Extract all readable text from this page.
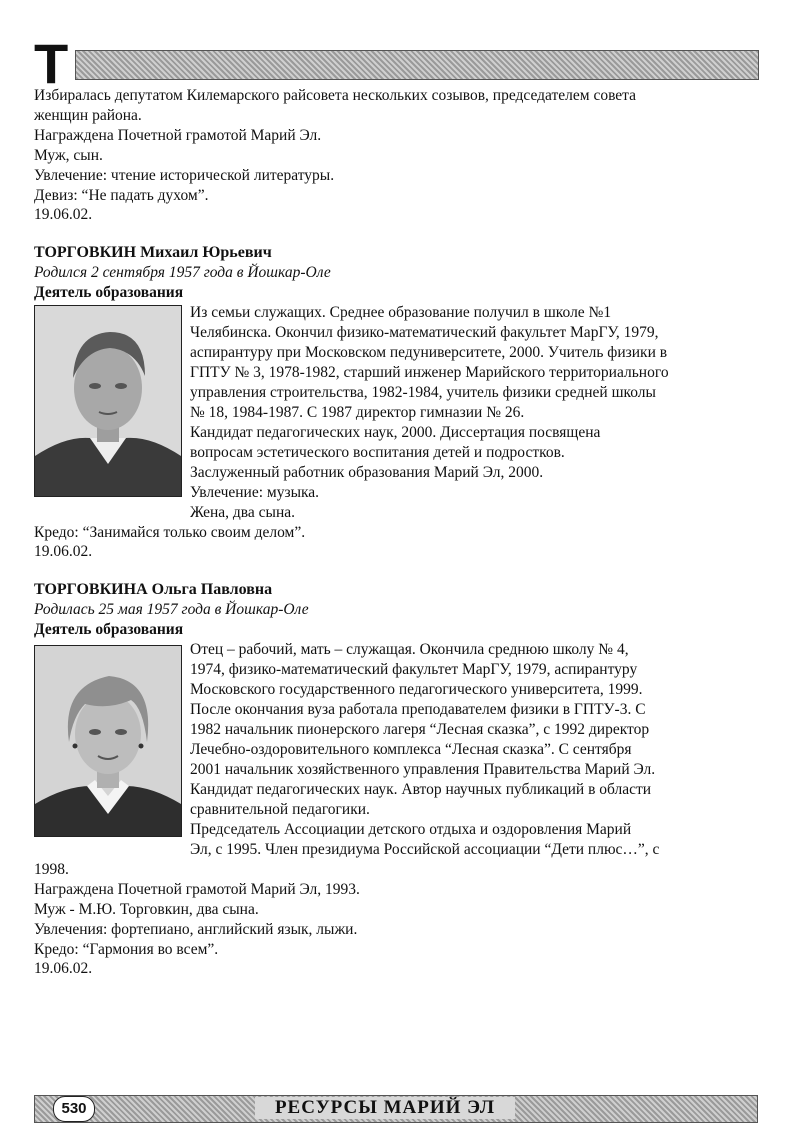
Т
Избиралась депутатом Килемарского райсовета нескольких созывов, председателем совета
женщин района.
Награждена Почетной грамотой Марий Эл.
Муж, сын.
Увлечение: чтение исторической литературы.
Девиз: “Не падать духом”.
19.06.02.
ТОРГОВКИН Михаил Юрьевич
Родился 2 сентября 1957 года в Йошкар-Оле
Деятель образования
Из семьи служащих. Среднее образование получил в школе №1
Челябинска. Окончил физико-математический факультет МарГУ, 1979,
аспирантуру при Московском педуниверситете, 2000. Учитель физики в
ГПТУ № 3, 1978-1982, старший инженер Марийского территориального
управления строительства, 1982-1984, учитель физики средней школы
№ 18, 1984-1987. С 1987 директор гимназии № 26.
Кандидат педагогических наук, 2000. Диссертация посвящена
вопросам эстетического воспитания детей и подростков.
Заслуженный работник образования Марий Эл, 2000.
Увлечение: музыка.
Жена, два сына.
Кредо: “Занимайся только своим делом”.
19.06.02.
ТОРГОВКИНА Ольга Павловна
Родилась 25 мая 1957 года в Йошкар-Оле
Деятель образования
Отец – рабочий, мать – служащая. Окончила среднюю школу № 4,
1974, физико-математический факультет МарГУ, 1979, аспирантуру
Московского государственного педагогического университета, 1999.
После окончания вуза работала преподавателем физики в ГПТУ-3. С
1982 начальник пионерского лагеря “Лесная сказка”, с 1992 директор
Лечебно-оздоровительного комплекса “Лесная сказка”. С сентября
2001 начальник хозяйственного управления Правительства Марий Эл.
Кандидат педагогических наук. Автор научных публикаций в области
сравнительной педагогики.
Председатель Ассоциации детского отдыха и оздоровления Марий
Эл, с 1995. Член президиума Российской ассоциации “Дети плюс…”, с
1998.
Награждена Почетной грамотой Марий Эл, 1993.
Муж - М.Ю. Торговкин, два сына.
Увлечения: фортепиано, английский язык, лыжи.
Кредо: “Гармония во всем”.
19.06.02.
530	РЕСУРСЫ МАРИЙ ЭЛ
